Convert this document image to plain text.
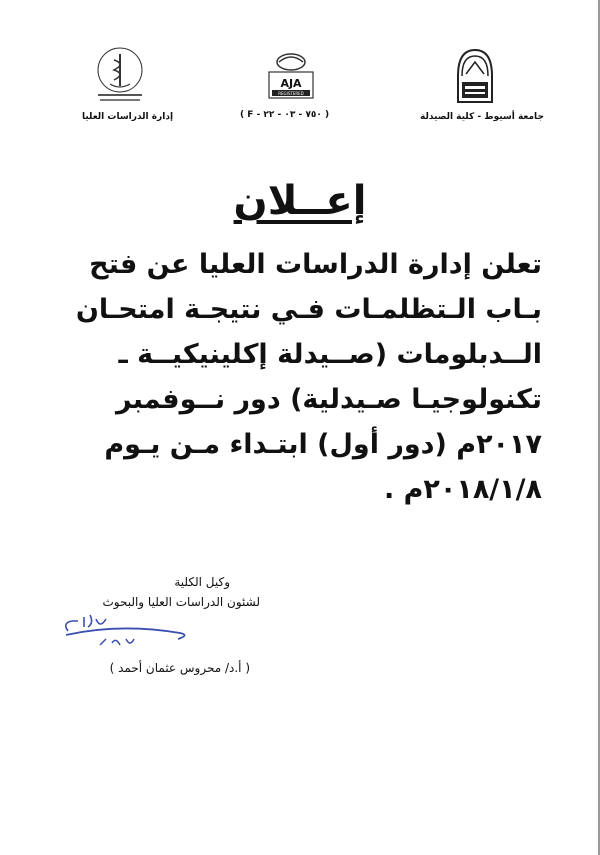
AJA
REGISTERED
إدارة الدراسات العليا	( F - ٧٥٠ - ٠٣ - ٢٢ )	جامعة أسيوط - كلية الصيدلة
إعــلان
تعلن إدارة الدراسات العليا عن فتح
بـاب الـتظلمـات فـي نتيجـة امتحـان
الــدبلومات (صــيدلة إكلينيكيــة ـ
تكنولوجيـا صـيدلية) دور نــوفمبر
٢٠١٧م (دور أول) ابتـداء مـن يـوم
٢٠١٨/١/٨م .
وكيل الكلية
لشئون الدراسات العليا والبحوث
( أ.د/ محروس عثمان أحمد )
